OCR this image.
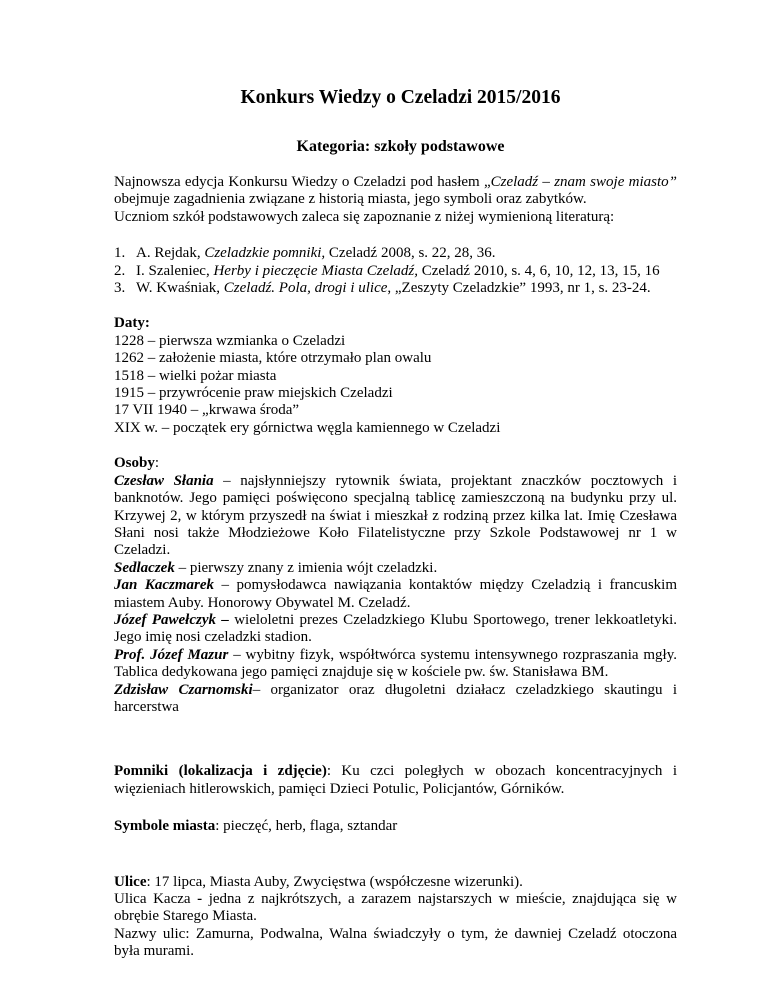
Konkurs Wiedzy o Czeladzi 2015/2016
Kategoria: szkoły podstawowe

Najnowsza edycja Konkursu Wiedzy o Czeladzi pod hasłem „Czeladź – znam swoje miasto” obejmuje zagadnienia związane z historią miasta, jego symboli oraz zabytków.

Uczniom szkół podstawowych zaleca się zapoznanie z niżej wymienioną literaturą:

1. A. Rejdak, Czeladzkie pomniki, Czeladź 2008, s. 22, 28, 36.
2. I. Szaleniec, Herby i pieczęcie Miasta Czeladź, Czeladź 2010, s. 4, 6, 10, 12, 13, 15, 16
3. W. Kwaśniak, Czeladź. Pola, drogi i ulice, „Zeszyty Czeladzkie” 1993, nr 1, s. 23-24.

Daty:

1228 – pierwsza wzmianka o Czeladzi

1262 – założenie miasta, które otrzymało plan owalu

1518 – wielki pożar miasta

1915 – przywrócenie praw miejskich Czeladzi

17 VII 1940 – „krwawa środa”

XIX w. – początek ery górnictwa węgla kamiennego w Czeladzi

Osoby:

Czesław Słania – najsłynniejszy rytownik świata, projektant znaczków pocztowych i banknotów. Jego pamięci poświęcono specjalną tablicę zamieszczoną na budynku przy ul. Krzywej 2, w którym przyszedł na świat i mieszkał z rodziną przez kilka lat. Imię Czesława Słani nosi także Młodzieżowe Koło Filatelistyczne przy Szkole Podstawowej nr 1 w Czeladzi.

Sedlaczek – pierwszy znany z imienia wójt czeladzki.

Jan Kaczmarek – pomysłodawca nawiązania kontaktów między Czeladzią i francuskim miastem Auby. Honorowy Obywatel M. Czeladź.

Józef Pawełczyk – wieloletni prezes Czeladzkiego Klubu Sportowego, trener lekkoatletyki. Jego imię nosi czeladzki stadion.

Prof. Józef Mazur – wybitny fizyk, współtwórca systemu intensywnego rozpraszania mgły. Tablica dedykowana jego pamięci znajduje się w kościele pw. św. Stanisława BM.

Zdzisław Czarnomski– organizator oraz długoletni działacz czeladzkiego skautingu i harcerstwa

Pomniki (lokalizacja i zdjęcie): Ku czci poległych w obozach koncentracyjnych i więzieniach hitlerowskich, pamięci Dzieci Potulic, Policjantów, Górników.

Symbole miasta: pieczęć, herb, flaga, sztandar

Ulice: 17 lipca, Miasta Auby, Zwycięstwa (współczesne wizerunki).

Ulica Kacza - jedna z najkrótszych, a zarazem najstarszych w mieście, znajdująca się w obrębie Starego Miasta.

Nazwy ulic: Zamurna, Podwalna, Walna świadczyły o tym, że dawniej Czeladź otoczona była murami.
